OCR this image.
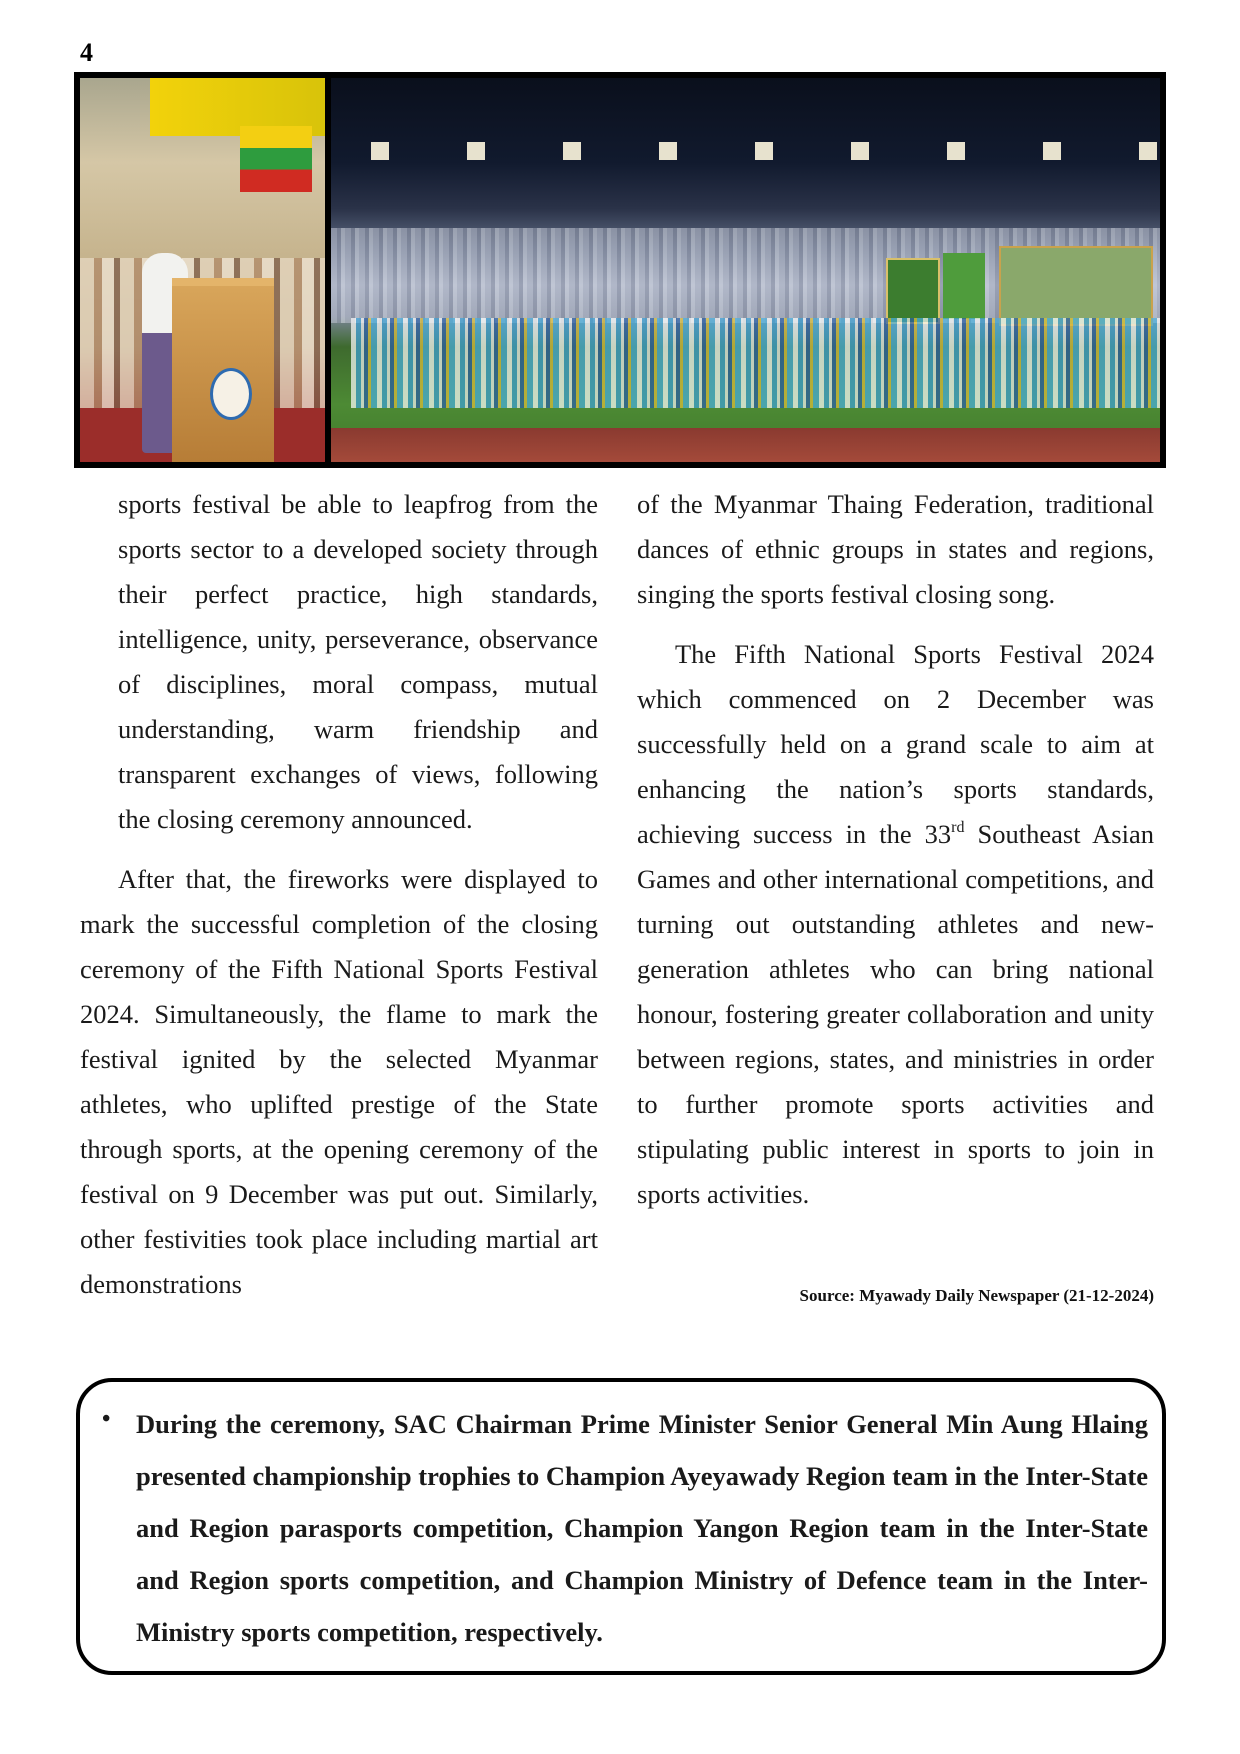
4

sports festival be able to leapfrog from the sports sector to a developed society through their perfect practice, high standards, intelligence, unity, perseverance, observance of disciplines, moral compass, mutual understanding, warm friendship and transparent exchanges of views, following the closing ceremony announced.

After that, the fireworks were displayed to mark the successful completion of the closing ceremony of the Fifth National Sports Festival 2024. Simultaneously, the flame to mark the festival ignited by the selected Myanmar athletes, who uplifted prestige of the State through sports, at the opening ceremony of the festival on 9 December was put out. Similarly, other festivities took place including martial art demonstrations

of the Myanmar Thaing Federation, traditional dances of ethnic groups in states and regions, singing the sports festival closing song.

The Fifth National Sports Festival 2024 which commenced on 2 December was successfully held on a grand scale to aim at enhancing the nation’s sports standards, achieving success in the 33rd Southeast Asian Games and other international competitions, and turning out outstanding athletes and new-generation athletes who can bring national honour, fostering greater collaboration and unity between regions, states, and ministries in order to further promote sports activities and stipulating public interest in sports to join in sports activities.

Source: Myawady Daily Newspaper (21-12-2024)
• During the ceremony, SAC Chairman Prime Minister Senior General Min Aung Hlaing presented championship trophies to Champion Ayeyawady Region team in the Inter-State and Region parasports competition, Champion Yangon Region team in the Inter-State and Region sports competition, and Champion Ministry of Defence team in the Inter-Ministry sports competition, respectively.
